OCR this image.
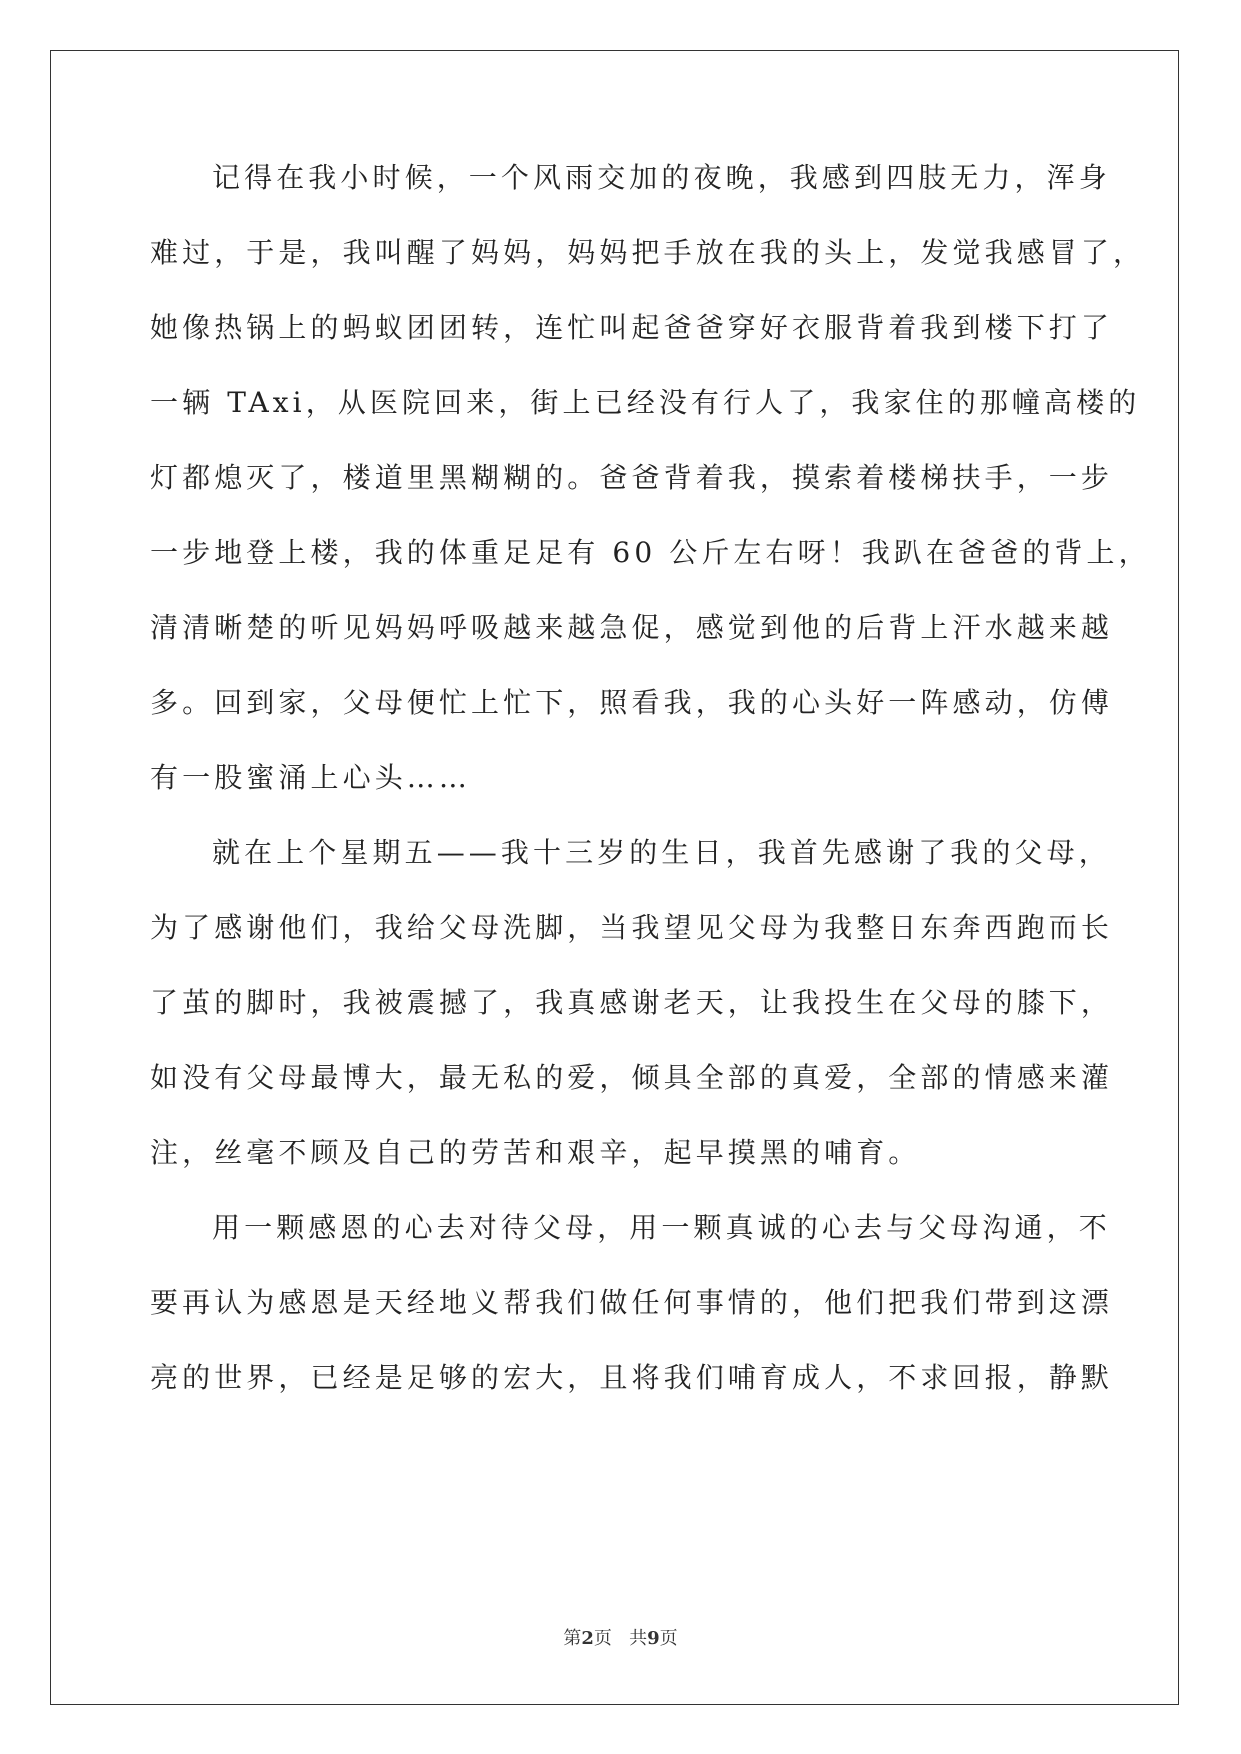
记得在我小时候，一个风雨交加的夜晚，我感到四肢无力，浑身
难过，于是，我叫醒了妈妈，妈妈把手放在我的头上，发觉我感冒了，
她像热锅上的蚂蚁团团转，连忙叫起爸爸穿好衣服背着我到楼下打了
一辆 TAxi，从医院回来，街上已经没有行人了，我家住的那幢高楼的
灯都熄灭了，楼道里黑糊糊的。爸爸背着我，摸索着楼梯扶手，一步
一步地登上楼，我的体重足足有 60 公斤左右呀！我趴在爸爸的背上，
清清晰楚的听见妈妈呼吸越来越急促，感觉到他的后背上汗水越来越
多。回到家，父母便忙上忙下，照看我，我的心头好一阵感动，仿傅
有一股蜜涌上心头……
就在上个星期五——我十三岁的生日，我首先感谢了我的父母，
为了感谢他们，我给父母洗脚，当我望见父母为我整日东奔西跑而长
了茧的脚时，我被震撼了，我真感谢老天，让我投生在父母的膝下，
如没有父母最博大，最无私的爱，倾具全部的真爱，全部的情感来灌
注，丝毫不顾及自己的劳苦和艰辛，起早摸黑的哺育。
用一颗感恩的心去对待父母，用一颗真诚的心去与父母沟通，不
要再认为感恩是天经地义帮我们做任何事情的，他们把我们带到这漂
亮的世界，已经是足够的宏大，且将我们哺育成人，不求回报，静默
第2页   共9页
